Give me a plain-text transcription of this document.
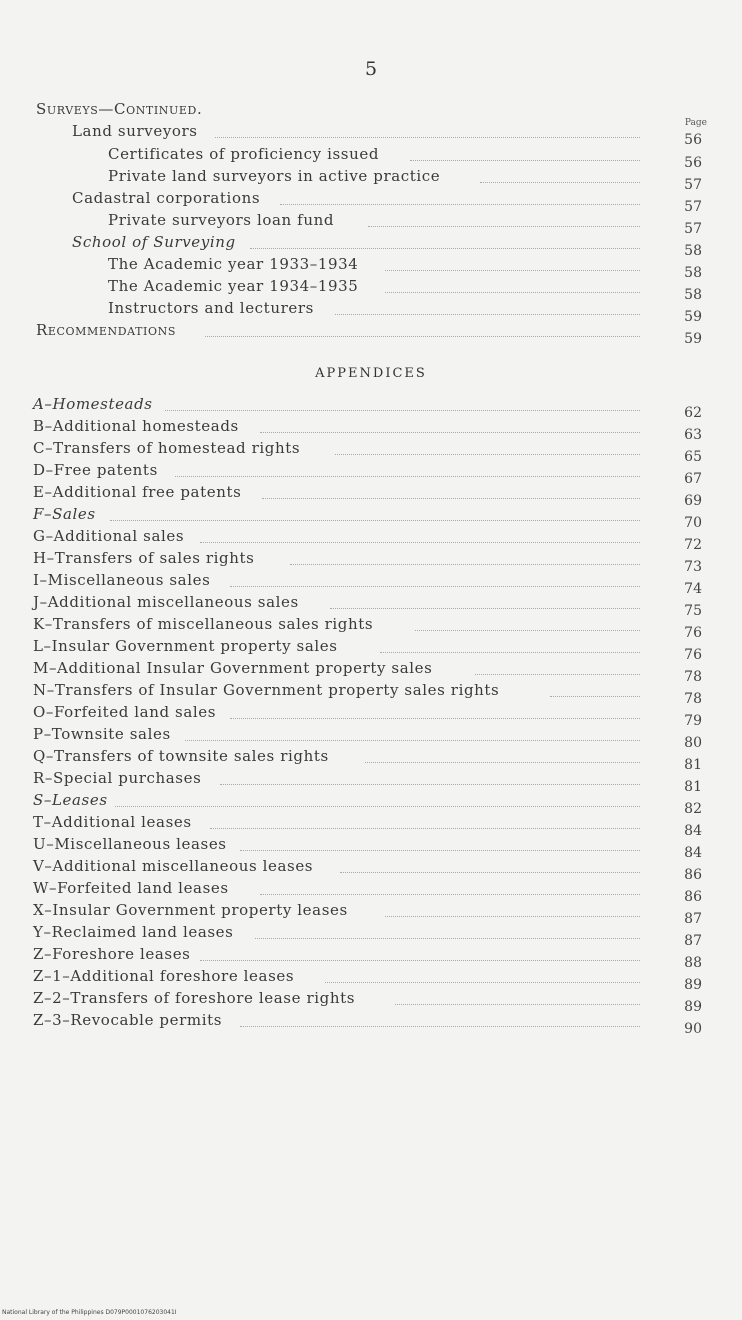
5
Page
Surveys—Continued.
Land surveyors	56
Certificates of proficiency issued	56
Private land surveyors in active practice	57
Cadastral corporations	57
Private surveyors loan fund	57
School of Surveying	58
The Academic year 1933–1934	58
The Academic year 1934–1935	58
Instructors and lecturers	59
Recommendations	59
APPENDICES
A–Homesteads	62
B–Additional homesteads	63
C–Transfers of homestead rights	65
D–Free patents	67
E–Additional free patents	69
F–Sales	70
G–Additional sales	72
H–Transfers of sales rights	73
I–Miscellaneous sales	74
J–Additional miscellaneous sales	75
K–Transfers of miscellaneous sales rights	76
L–Insular Government property sales	76
M–Additional Insular Government property sales	78
N–Transfers of Insular Government property sales rights	78
O–Forfeited land sales	79
P–Townsite sales	80
Q–Transfers of townsite sales rights	81
R–Special purchases	81
S–Leases	82
T–Additional leases	84
U–Miscellaneous leases	84
V–Additional miscellaneous leases	86
W–Forfeited land leases	86
X–Insular Government property leases	87
Y–Reclaimed land leases	87
Z–Foreshore leases	88
Z–1–Additional foreshore leases	89
Z–2–Transfers of foreshore lease rights	89
Z–3–Revocable permits	90
National Library of the Philippines D079P0001076203041I
